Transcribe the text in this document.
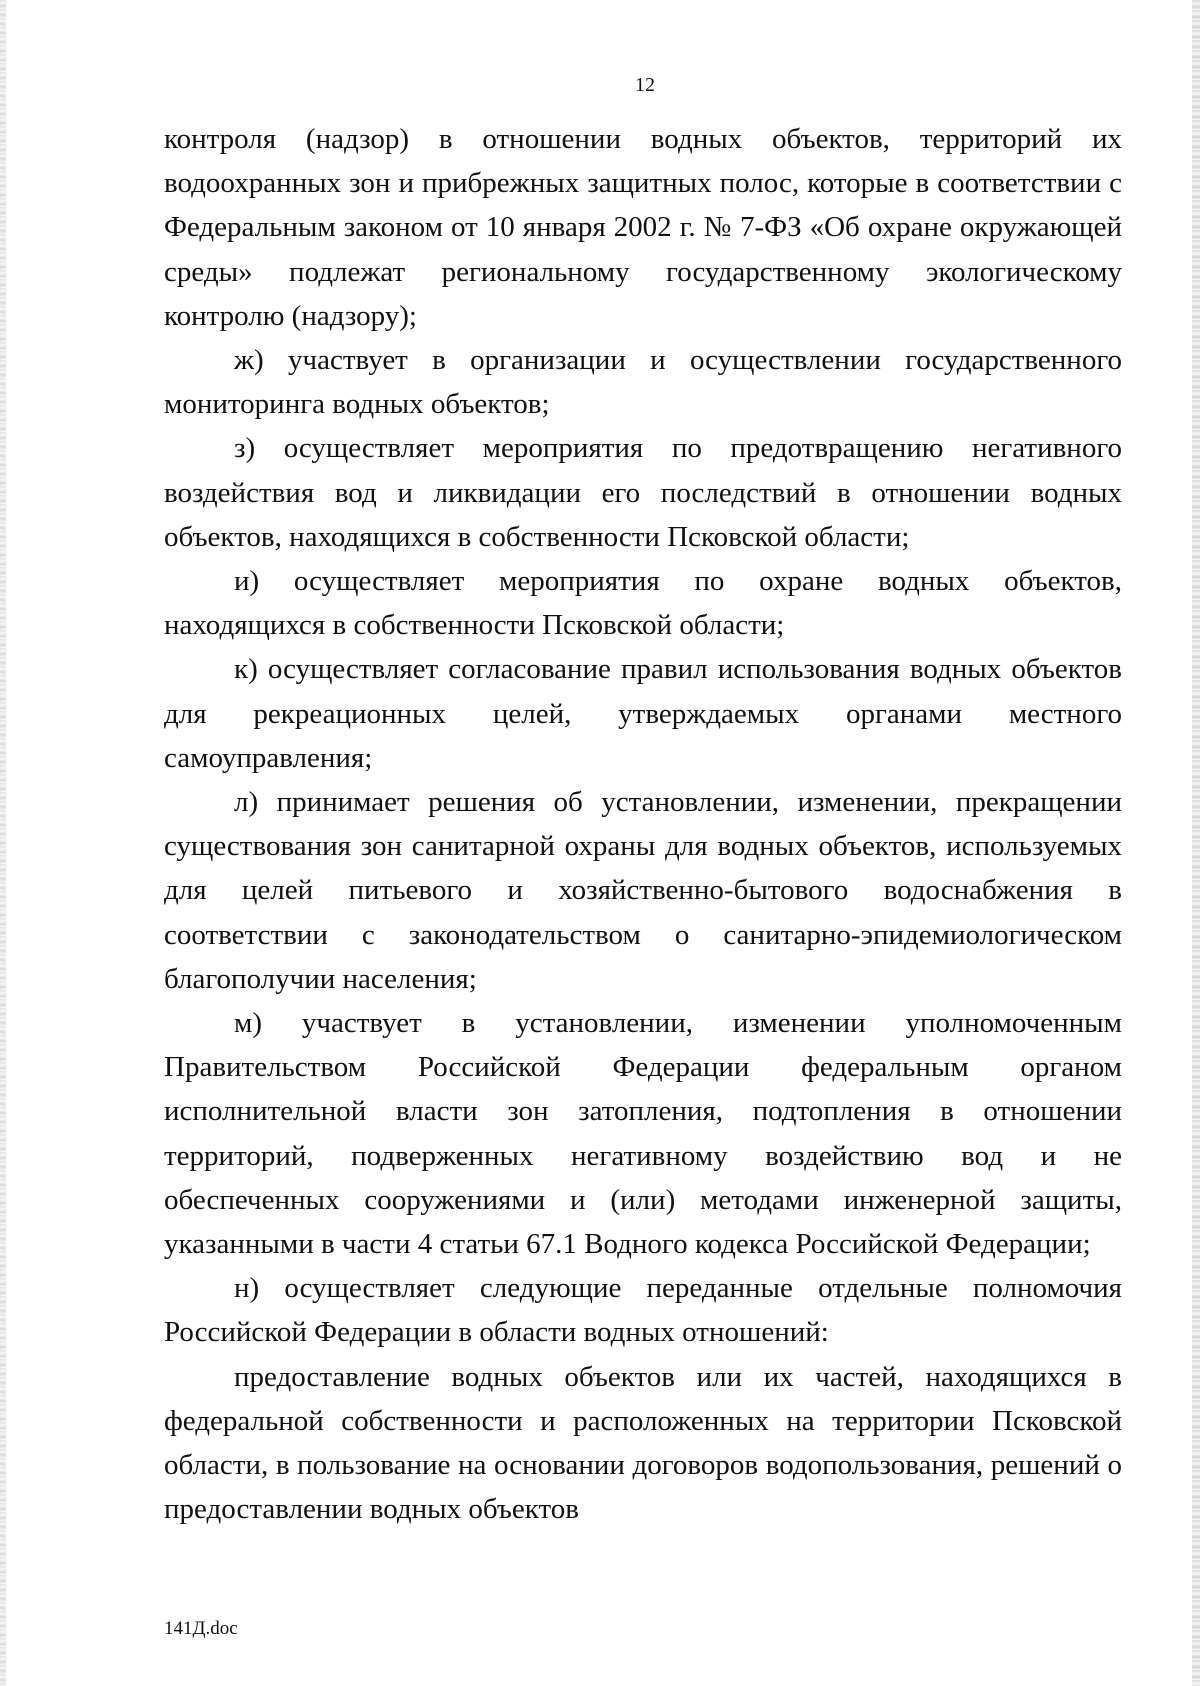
12

контроля (надзор) в отношении водных объектов, территорий их водоохранных зон и прибрежных защитных полос, которые в соответствии с Федеральным законом от 10 января 2002 г. № 7-ФЗ «Об охране окружающей среды» подлежат региональному государственному экологическому контролю (надзору);

ж) участвует в организации и осуществлении государственного мониторинга водных объектов;

з) осуществляет мероприятия по предотвращению негативного воздействия вод и ликвидации его последствий в отношении водных объектов, находящихся в собственности Псковской области;

и) осуществляет мероприятия по охране водных объектов, находящихся в собственности Псковской области;

к) осуществляет согласование правил использования водных объектов для рекреационных целей, утверждаемых органами местного самоуправления;

л) принимает решения об установлении, изменении, прекращении существования зон санитарной охраны для водных объектов, используемых для целей питьевого и хозяйственно-бытового водоснабжения в соответствии с законодательством о санитарно-эпидемиологическом благополучии населения;

м) участвует в установлении, изменении уполномоченным Правительством Российской Федерации федеральным органом исполнительной власти зон затопления, подтопления в отношении территорий, подверженных негативному воздействию вод и не обеспеченных сооружениями и (или) методами инженерной защиты, указанными в части 4 статьи 67.1 Водного кодекса Российской Федерации;

н) осуществляет следующие переданные отдельные полномочия Российской Федерации в области водных отношений:

предоставление водных объектов или их частей, находящихся в федеральной собственности и расположенных на территории Псковской области, в пользование на основании договоров водопользования, решений о предоставлении водных объектов

141Д.doc
